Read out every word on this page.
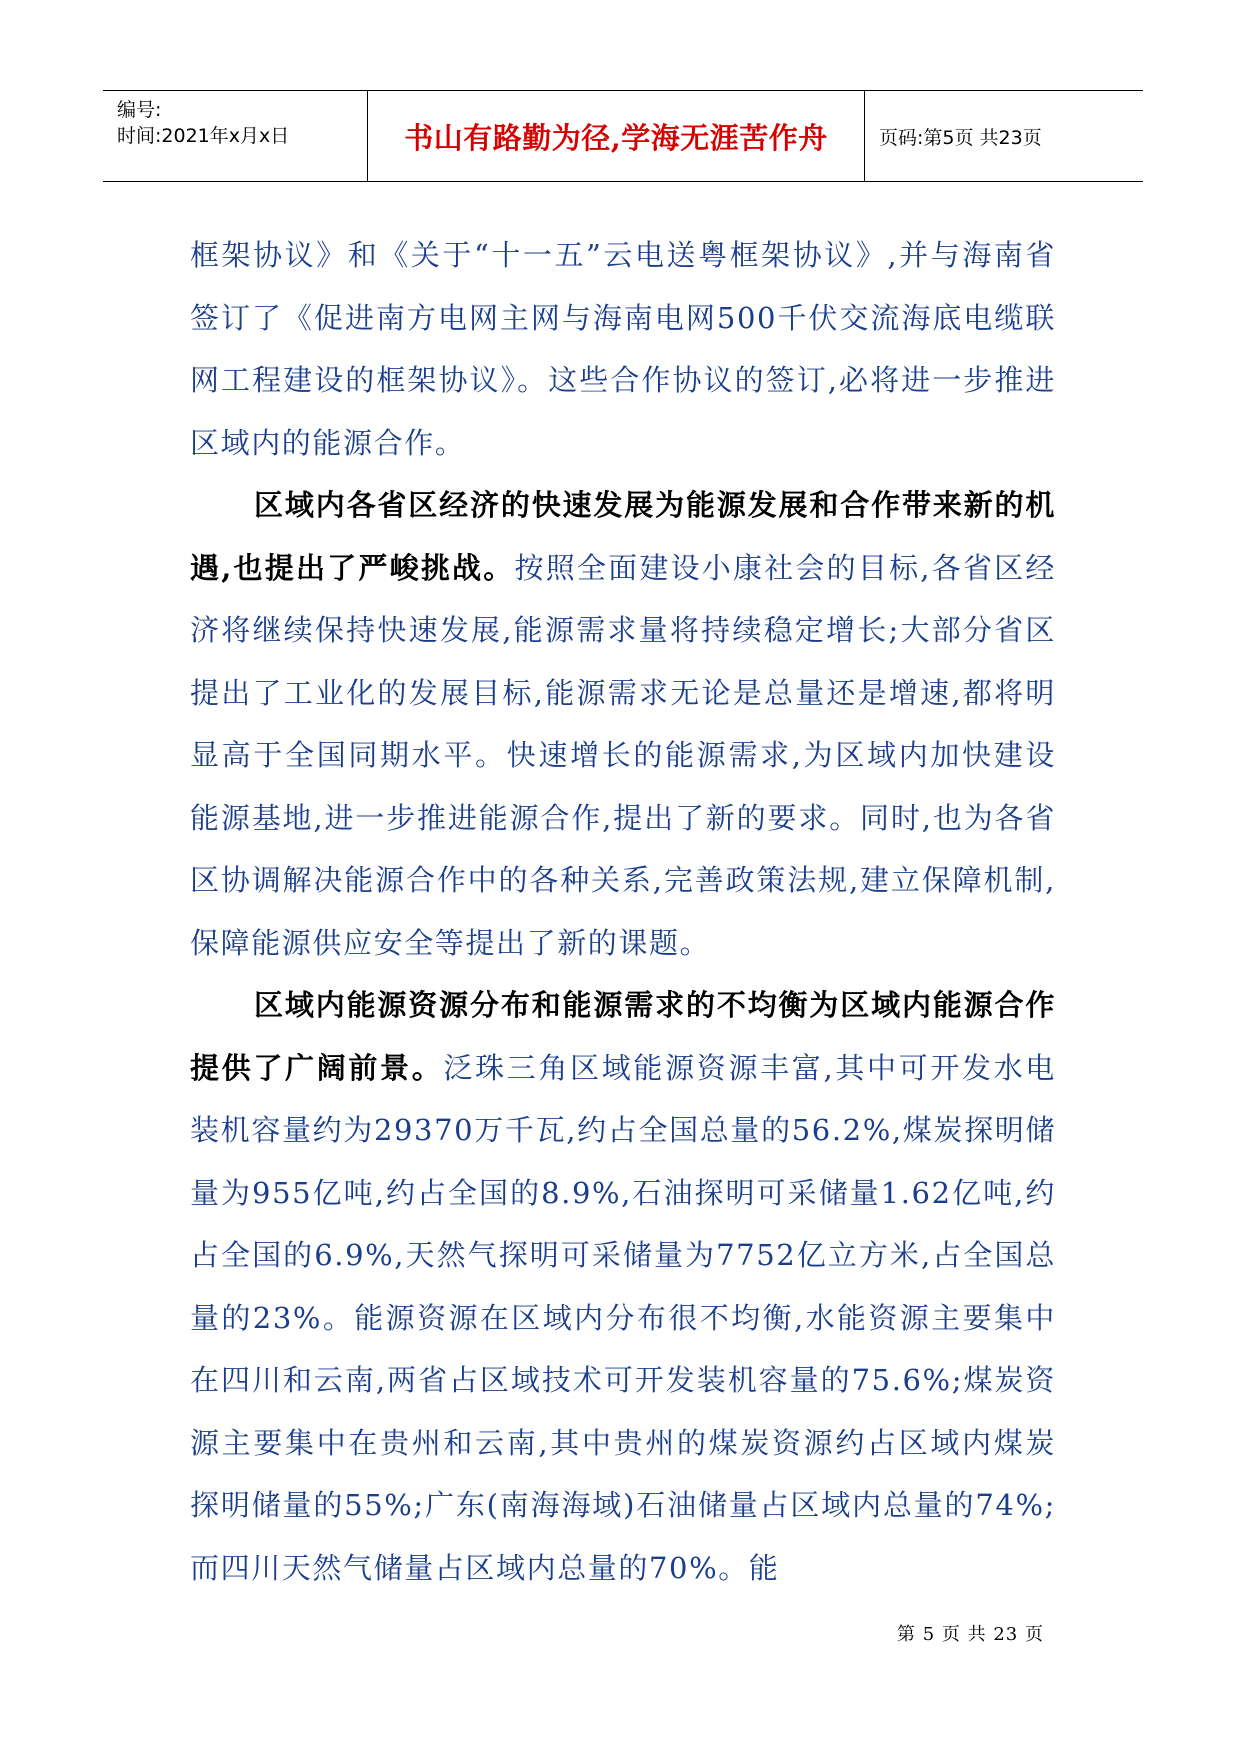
编号:
时间:2021年x月x日	书山有路勤为径,学海无涯苦作舟	页码:第5页 共23页

框架协议》和《关于“十一五”云电送粤框架协议》,并与海南省签订了《促进南方电网主网与海南电网500千伏交流海底电缆联网工程建设的框架协议》。这些合作协议的签订,必将进一步推进区域内的能源合作。

区域内各省区经济的快速发展为能源发展和合作带来新的机遇,也提出了严峻挑战。按照全面建设小康社会的目标,各省区经济将继续保持快速发展,能源需求量将持续稳定增长;大部分省区提出了工业化的发展目标,能源需求无论是总量还是增速,都将明显高于全国同期水平。快速增长的能源需求,为区域内加快建设能源基地,进一步推进能源合作,提出了新的要求。同时,也为各省区协调解决能源合作中的各种关系,完善政策法规,建立保障机制,保障能源供应安全等提出了新的课题。

区域内能源资源分布和能源需求的不均衡为区域内能源合作提供了广阔前景。泛珠三角区域能源资源丰富,其中可开发水电装机容量约为29370万千瓦,约占全国总量的56.2%,煤炭探明储量为955亿吨,约占全国的8.9%,石油探明可采储量1.62亿吨,约占全国的6.9%,天然气探明可采储量为7752亿立方米,占全国总量的23%。能源资源在区域内分布很不均衡,水能资源主要集中在四川和云南,两省占区域技术可开发装机容量的75.6%;煤炭资源主要集中在贵州和云南,其中贵州的煤炭资源约占区域内煤炭探明储量的55%;广东(南海海域)石油储量占区域内总量的74%;而四川天然气储量占区域内总量的70%。能

第 5 页 共 23 页
